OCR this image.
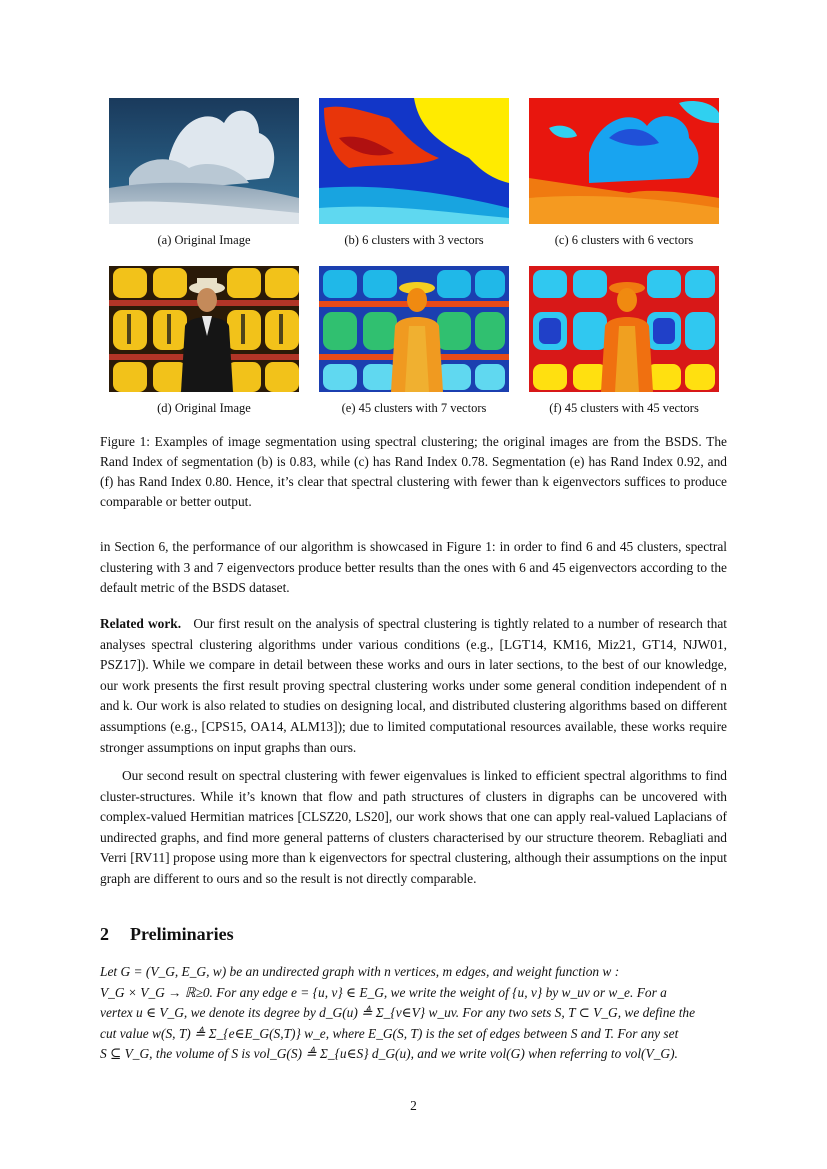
(a) Original Image	(b) 6 clusters with 3 vectors	(c) 6 clusters with 6 vectors
(d) Original Image	(e) 45 clusters with 7 vectors	(f) 45 clusters with 45 vectors
Figure 1: Examples of image segmentation using spectral clustering; the original images are from the BSDS. The Rand Index of segmentation (b) is 0.83, while (c) has Rand Index 0.78. Segmentation (e) has Rand Index 0.92, and (f) has Rand Index 0.80. Hence, it’s clear that spectral clustering with fewer than k eigenvectors suffices to produce comparable or better output.
in Section 6, the performance of our algorithm is showcased in Figure 1: in order to find 6 and 45 clusters, spectral clustering with 3 and 7 eigenvectors produce better results than the ones with 6 and 45 eigenvectors according to the default metric of the BSDS dataset.
Related work. Our first result on the analysis of spectral clustering is tightly related to a number of research that analyses spectral clustering algorithms under various conditions (e.g., [LGT14, KM16, Miz21, GT14, NJW01, PSZ17]). While we compare in detail between these works and ours in later sections, to the best of our knowledge, our work presents the first result proving spectral clustering works under some general condition independent of n and k. Our work is also related to studies on designing local, and distributed clustering algorithms based on different assumptions (e.g., [CPS15, OA14, ALM13]); due to limited computational resources available, these works require stronger assumptions on input graphs than ours.
Our second result on spectral clustering with fewer eigenvalues is linked to efficient spectral algorithms to find cluster-structures. While it’s known that flow and path structures of clusters in digraphs can be uncovered with complex-valued Hermitian matrices [CLSZ20, LS20], our work shows that one can apply real-valued Laplacians of undirected graphs, and find more general patterns of clusters characterised by our structure theorem. Rebagliati and Verri [RV11] propose using more than k eigenvectors for spectral clustering, although their assumptions on the input graph are different to ours and so the result is not directly comparable.
2 Preliminaries
Let G = (V_G, E_G, w) be an undirected graph with n vertices, m edges, and weight function w :
V_G × V_G → ℝ≥0. For any edge e = {u, v} ∈ E_G, we write the weight of {u, v} by w_uv or w_e. For a
vertex u ∈ V_G, we denote its degree by d_G(u) ≜ Σ_{v∈V} w_uv. For any two sets S, T ⊂ V_G, we define the
cut value w(S, T) ≜ Σ_{e∈E_G(S,T)} w_e, where E_G(S, T) is the set of edges between S and T. For any set
S ⊆ V_G, the volume of S is vol_G(S) ≜ Σ_{u∈S} d_G(u), and we write vol(G) when referring to vol(V_G).
2
